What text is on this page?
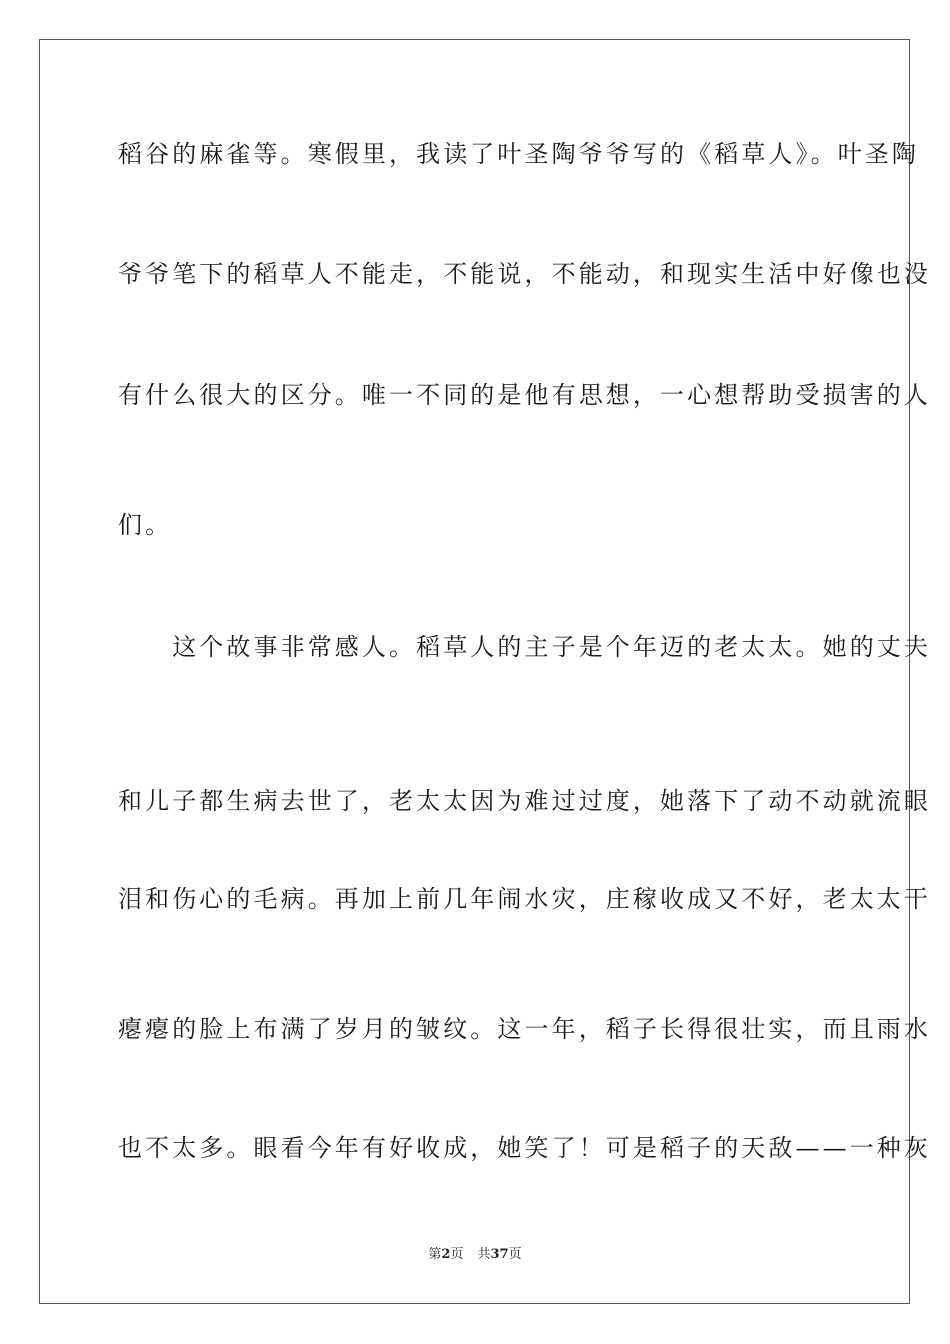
稻谷的麻雀等。寒假里，我读了叶圣陶爷爷写的《稻草人》。叶圣陶
爷爷笔下的稻草人不能走，不能说，不能动，和现实生活中好像也没
有什么很大的区分。唯一不同的是他有思想，一心想帮助受损害的人
们。
　　这个故事非常感人。稻草人的主子是个年迈的老太太。她的丈夫
和儿子都生病去世了，老太太因为难过过度，她落下了动不动就流眼
泪和伤心的毛病。再加上前几年闹水灾，庄稼收成又不好，老太太干
瘪瘪的脸上布满了岁月的皱纹。这一年，稻子长得很壮实，而且雨水
也不太多。眼看今年有好收成，她笑了！可是稻子的天敌——一种灰
第2页 共37页
